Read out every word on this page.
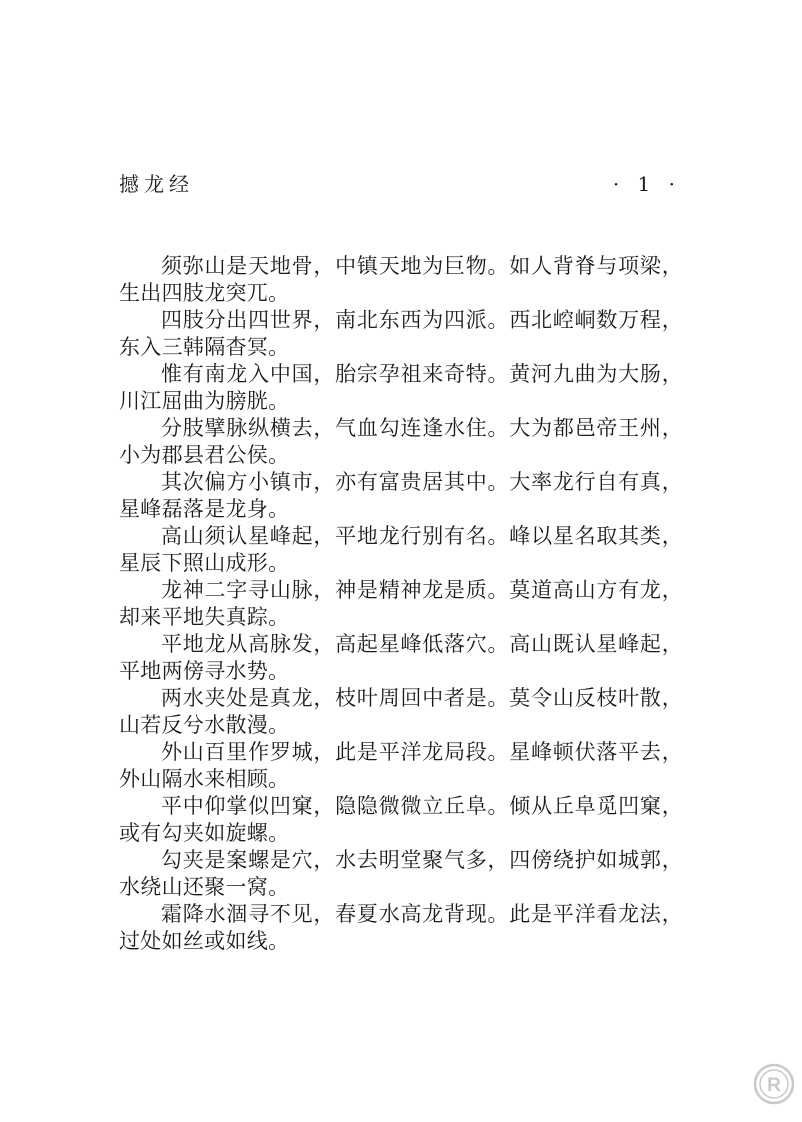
撼龙经	· 1 ·

须弥山是天地骨，中镇天地为巨物。如人背脊与项梁，生出四肢龙突兀。

四肢分出四世界，南北东西为四派。西北崆峒数万程，东入三韩隔杳冥。

惟有南龙入中国，胎宗孕祖来奇特。黄河九曲为大肠，川江屈曲为膀胱。

分肢擘脉纵横去，气血勾连逢水住。大为都邑帝王州，小为郡县君公侯。

其次偏方小镇市，亦有富贵居其中。大率龙行自有真，星峰磊落是龙身。

高山须认星峰起，平地龙行别有名。峰以星名取其类，星辰下照山成形。

龙神二字寻山脉，神是精神龙是质。莫道高山方有龙，却来平地失真踪。

平地龙从高脉发，高起星峰低落穴。高山既认星峰起，平地两傍寻水势。

两水夹处是真龙，枝叶周回中者是。莫令山反枝叶散，山若反兮水散漫。

外山百里作罗城，此是平洋龙局段。星峰顿伏落平去，外山隔水来相顾。

平中仰掌似凹窠，隐隐微微立丘阜。倾从丘阜觅凹窠，或有勾夹如旋螺。

勾夹是案螺是穴，水去明堂聚气多，四傍绕护如城郭，水绕山还聚一窝。

霜降水涸寻不见，春夏水高龙背现。此是平洋看龙法，过处如丝或如线。

R
